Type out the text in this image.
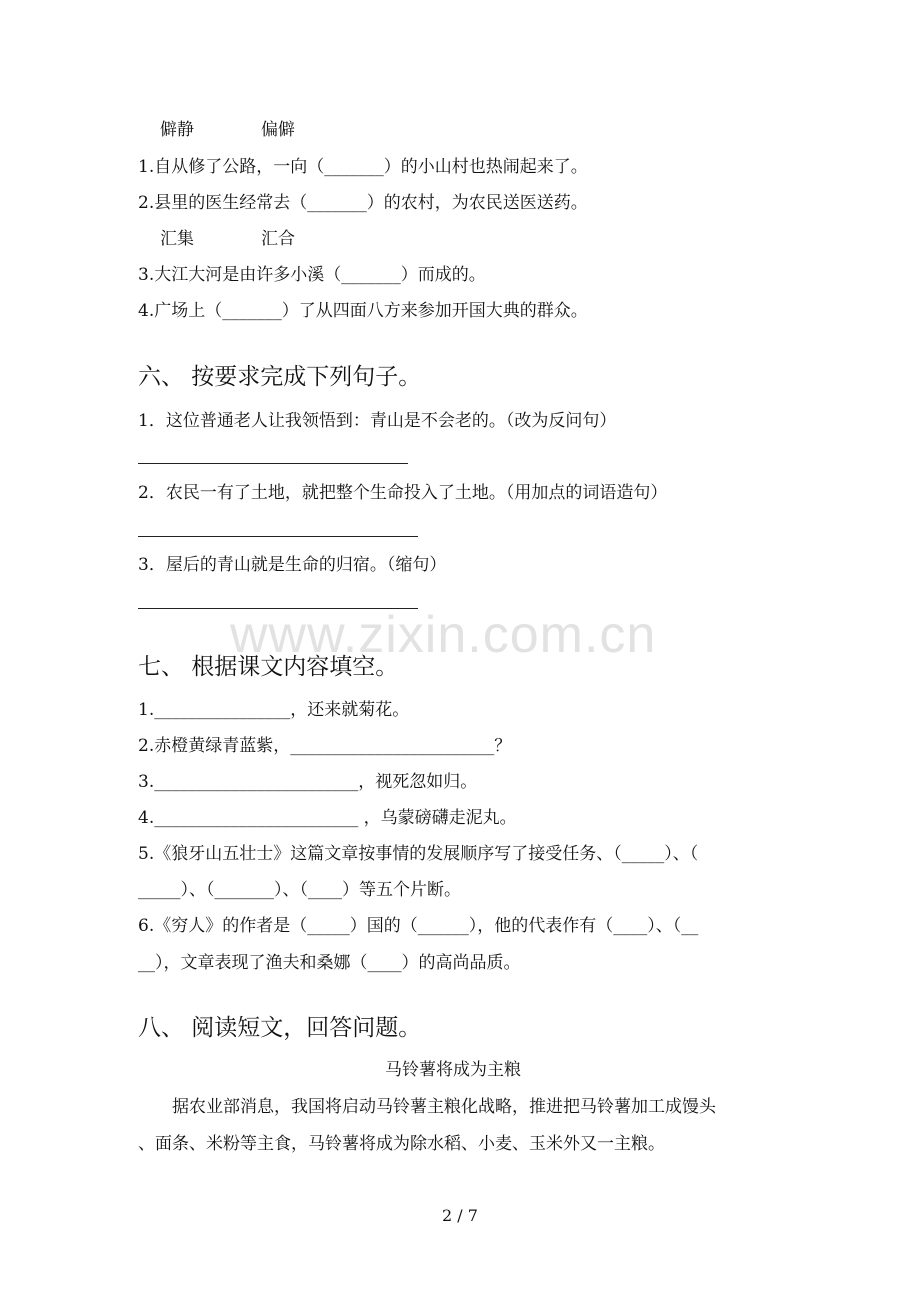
僻静	偏僻
1.自从修了公路，一向（_______）的小山村也热闹起来了。
2.县里的医生经常去（_______）的农村，为农民送医送药。
汇集	汇合
3.大江大河是由许多小溪（_______）而成的。
4.广场上（_______）了从四面八方来参加开国大典的群众。
六、 按要求完成下列句子。
1．这位普通老人让我领悟到：青山是不会老的。（改为反问句）
2．农民一有了土地，就把整个生命投入了土地。（用加点的词语造句）
3．屋后的青山就是生命的归宿。（缩句）
www.zixin.com.cn
七、 根据课文内容填空。
1.________________，还来就菊花。
2.赤橙黄绿青蓝紫，________________________？
3.________________________，视死忽如归。
4.________________________ ，乌蒙磅礴走泥丸。
5.《狼牙山五壮士》这篇文章按事情的发展顺序写了接受任务、（_____）、（
_____）、（_______）、（____）等五个片断。
6.《穷人》的作者是（_____）国的（______），他的代表作有（____）、（__
__），文章表现了渔夫和桑娜（____）的高尚品质。
八、 阅读短文，回答问题。
马铃薯将成为主粮
据农业部消息，我国将启动马铃薯主粮化战略，推进把马铃薯加工成馒头
、面条、米粉等主食，马铃薯将成为除水稻、小麦、玉米外又一主粮。
2 / 7
